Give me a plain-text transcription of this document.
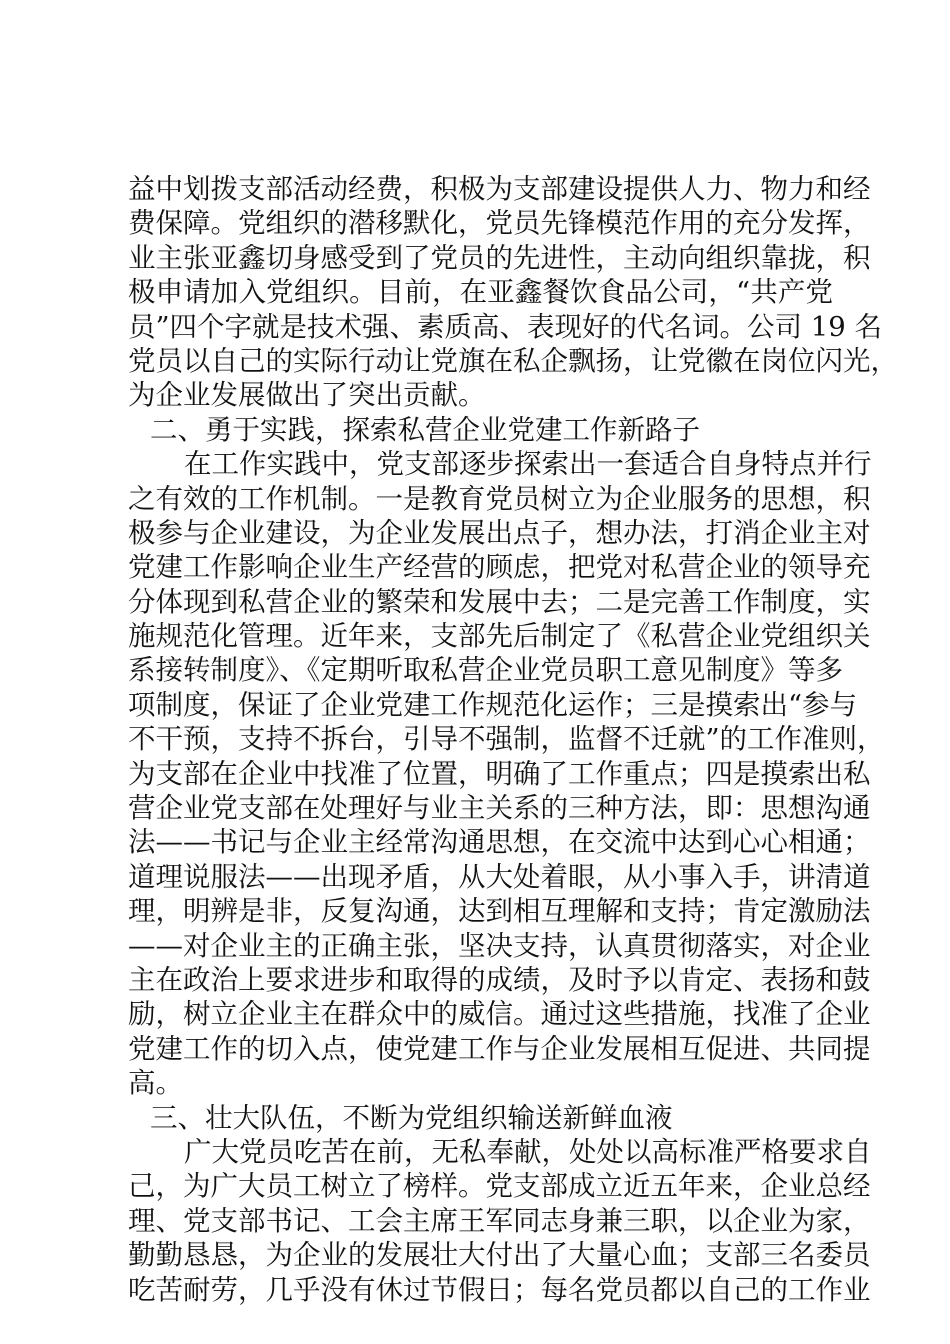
益中划拨支部活动经费，积极为支部建设提供人力、物力和经
费保障。党组织的潜移默化，党员先锋模范作用的充分发挥，
业主张亚鑫切身感受到了党员的先进性，主动向组织靠拢，积
极申请加入党组织。目前，在亚鑫餐饮食品公司，“共产党
员”四个字就是技术强、素质高、表现好的代名词。公司 19 名
党员以自己的实际行动让党旗在私企飘扬，让党徽在岗位闪光，
为企业发展做出了突出贡献。
二、勇于实践，探索私营企业党建工作新路子
在工作实践中，党支部逐步探索出一套适合自身特点并行
之有效的工作机制。一是教育党员树立为企业服务的思想，积
极参与企业建设，为企业发展出点子，想办法，打消企业主对
党建工作影响企业生产经营的顾虑，把党对私营企业的领导充
分体现到私营企业的繁荣和发展中去；二是完善工作制度，实
施规范化管理。近年来，支部先后制定了《私营企业党组织关
系接转制度》、《定期听取私营企业党员职工意见制度》等多
项制度，保证了企业党建工作规范化运作；三是摸索出“参与
不干预，支持不拆台，引导不强制，监督不迁就”的工作准则，
为支部在企业中找准了位置，明确了工作重点；四是摸索出私
营企业党支部在处理好与业主关系的三种方法，即：思想沟通
法——书记与企业主经常沟通思想，在交流中达到心心相通；
道理说服法——出现矛盾，从大处着眼，从小事入手，讲清道
理，明辨是非，反复沟通，达到相互理解和支持；肯定激励法
——对企业主的正确主张，坚决支持，认真贯彻落实，对企业
主在政治上要求进步和取得的成绩，及时予以肯定、表扬和鼓
励，树立企业主在群众中的威信。通过这些措施，找准了企业
党建工作的切入点，使党建工作与企业发展相互促进、共同提
高。
三、壮大队伍，不断为党组织输送新鲜血液
广大党员吃苦在前，无私奉献，处处以高标准严格要求自
己，为广大员工树立了榜样。党支部成立近五年来，企业总经
理、党支部书记、工会主席王军同志身兼三职，以企业为家，
勤勤恳恳，为企业的发展壮大付出了大量心血；支部三名委员
吃苦耐劳，几乎没有休过节假日；每名党员都以自己的工作业
